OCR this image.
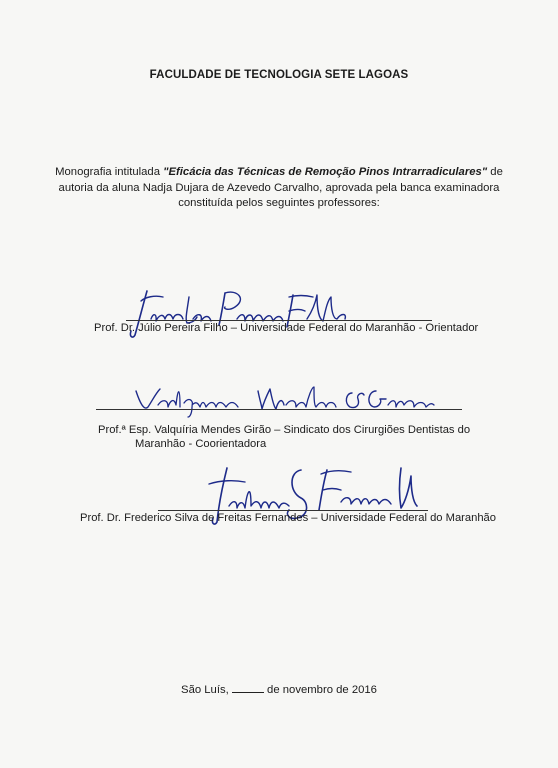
FACULDADE DE TECNOLOGIA SETE LAGOAS
Monografia intitulada "Eficácia das Técnicas de Remoção Pinos Intrarradiculares" de autoria da aluna Nadja Dujara de Azevedo Carvalho, aprovada pela banca examinadora constituída pelos seguintes professores:
Prof. Dr. Júlio Pereira Filho – Universidade Federal do Maranhão - Orientador
Prof.ª Esp. Valquíria Mendes Girão – Sindicato dos Cirurgiões Dentistas do
Maranhão - Coorientadora
Prof. Dr. Frederico Silva de Freitas Fernandes – Universidade Federal do Maranhão
São Luís,	de novembro de 2016
